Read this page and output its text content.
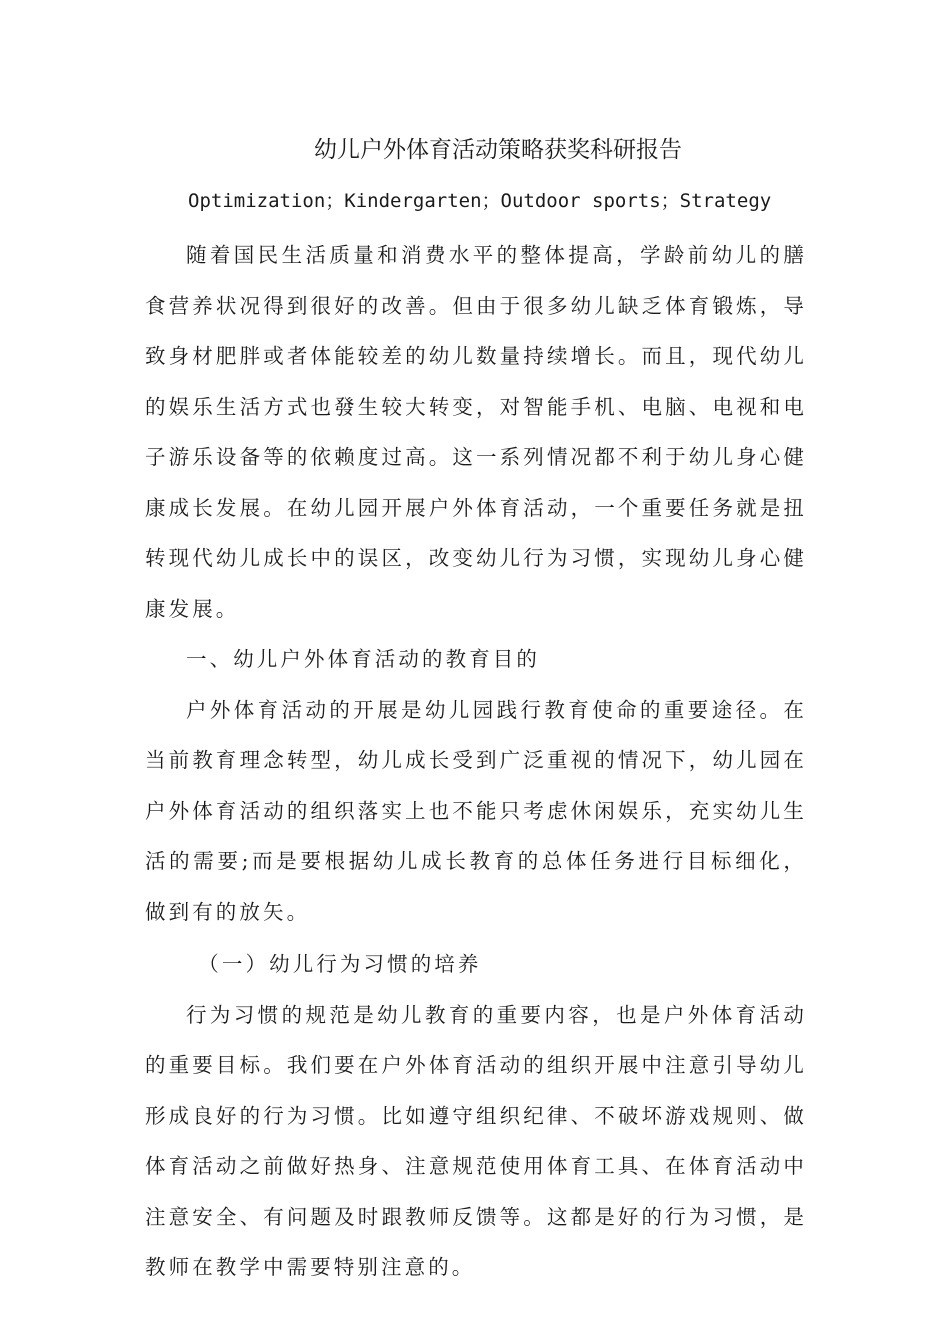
幼儿户外体育活动策略获奖科研报告
Optimization；Kindergarten；Outdoor sports；Strategy

随着国民生活质量和消费水平的整体提高，学龄前幼儿的膳食营养状况得到很好的改善。但由于很多幼儿缺乏体育锻炼，导致身材肥胖或者体能较差的幼儿数量持续增长。而且，现代幼儿的娱乐生活方式也發生较大转变，对智能手机、电脑、电视和电子游乐设备等的依赖度过高。这一系列情况都不利于幼儿身心健康成长发展。在幼儿园开展户外体育活动，一个重要任务就是扭转现代幼儿成长中的误区，改变幼儿行为习惯，实现幼儿身心健康发展。

一、幼儿户外体育活动的教育目的

户外体育活动的开展是幼儿园践行教育使命的重要途径。在当前教育理念转型，幼儿成长受到广泛重视的情况下，幼儿园在户外体育活动的组织落实上也不能只考虑休闲娱乐，充实幼儿生活的需要;而是要根据幼儿成长教育的总体任务进行目标细化，做到有的放矢。

（一）幼儿行为习惯的培养

行为习惯的规范是幼儿教育的重要内容，也是户外体育活动的重要目标。我们要在户外体育活动的组织开展中注意引导幼儿形成良好的行为习惯。比如遵守组织纪律、不破坏游戏规则、做体育活动之前做好热身、注意规范使用体育工具、在体育活动中注意安全、有问题及时跟教师反馈等。这都是好的行为习惯，是教师在教学中需要特别注意的。
